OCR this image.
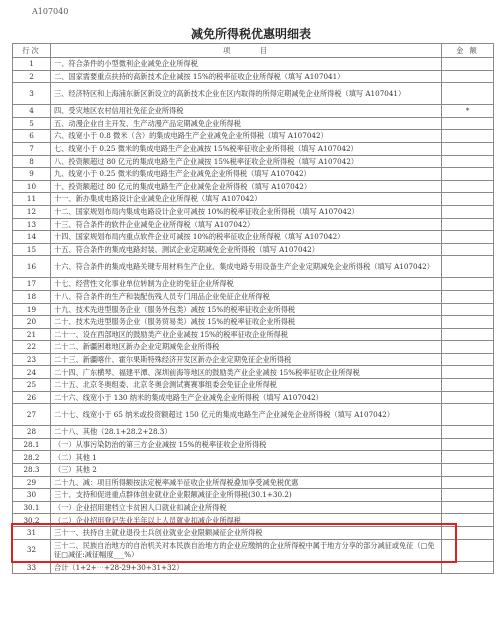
A107040
减免所得税优惠明细表
行次	项　　　目	金 额
1	一、符合条件的小型微利企业减免企业所得税	
2	二、国家需要重点扶持的高新技术企业减按 15%的税率征收企业所得税（填写 A107041）	
3	三、经济特区和上海浦东新区新设立的高新技术企业在区内取得的所得定期减免企业所得税（填写 A107041）	
4	四、受灾地区农村信用社免征企业所得税	*
5	五、动漫企业自主开发、生产动漫产品定期减免企业所得税	
6	六、线宽小于 0.8 微米（含）的集成电路生产企业减免企业所得税（填写 A107042）	
7	七、线宽小于 0.25 微米的集成电路生产企业减按 15%税率征收企业所得税（填写 A107042）	
8	八、投资额超过 80 亿元的集成电路生产企业减按 15%税率征收企业所得税（填写 A107042）	
9	九、线宽小于 0.25 微米的集成电路生产企业减免企业所得税（填写 A107042）	
10	十、投资额超过 80 亿元的集成电路生产企业减免企业所得税（填写 A107042）	
11	十一、新办集成电路设计企业减免企业所得税（填写 A107042）	
12	十二、国家规划布局内集成电路设计企业可减按 10%的税率征收企业所得税（填写 A107042）	
13	十三、符合条件的软件企业减免企业所得税（填写 A107042）	
14	十四、国家规划布局内重点软件企业可减按 10%的税率征收企业所得税（填写 A107042）	
15	十五、符合条件的集成电路封装、测试企业定期减免企业所得税（填写 A107042）	
16	十六、符合条件的集成电路关键专用材料生产企业、集成电路专用设备生产企业定期减免企业所得税（填写 A107042）	
17	十七、经营性文化事业单位转制为企业的免征企业所得税	
18	十八、符合条件的生产和装配伤残人员专门用品企业免征企业所得税	
19	十九、技术先进型服务企业（服务外包类）减按 15%的税率征收企业所得税	
20	二十、技术先进型服务企业（服务贸易类）减按 15%的税率征收企业所得税	
21	二十一、设在西部地区的鼓励类产业企业减按 15%的税率征收企业所得税	
22	二十二、新疆困难地区新办企业定期减免企业所得税	
23	二十三、新疆喀什、霍尔果斯特殊经济开发区新办企业定期免征企业所得税	
24	二十四、广东横琴、福建平潭、深圳前海等地区的鼓励类产业企业减按 15%税率征收企业所得税	
25	二十五、北京冬奥组委、北京冬奥会测试赛赛事组委会免征企业所得税	
26	二十六、线宽小于 130 纳米的集成电路生产企业减免企业所得税（填写 A107042）	
27	二十七、线宽小于 65 纳米或投资额超过 150 亿元的集成电路生产企业减免企业所得税（填写 A107042）	
28	二十八、其他（28.1+28.2+28.3）	
28.1	（一）从事污染防治的第三方企业减按 15%的税率征收企业所得税	
28.2	（二）其他 1	
28.3	（三）其他 2	
29	二十九、减：项目所得额按法定税率减半征收企业所得税叠加享受减免税优惠	
30	三十、支持和促进重点群体创业就业企业限额减征企业所得税(30.1+30.2)	
30.1	（一）企业招用建档立卡贫困人口就业扣减企业所得税	
30.2	（二）企业招用登记失业半年以上人员就业扣减企业所得税	
31	三十一、扶持自主就业退役士兵创业就业企业限额减征企业所得税	
32	三十二、民族自治地方的自治机关对本民族自治地方的企业应缴纳的企业所得税中属于地方分享的部分减征或免征（□免征□减征:减征幅度___%）	
33	合计（1+2+⋯+28-29+30+31+32）	
